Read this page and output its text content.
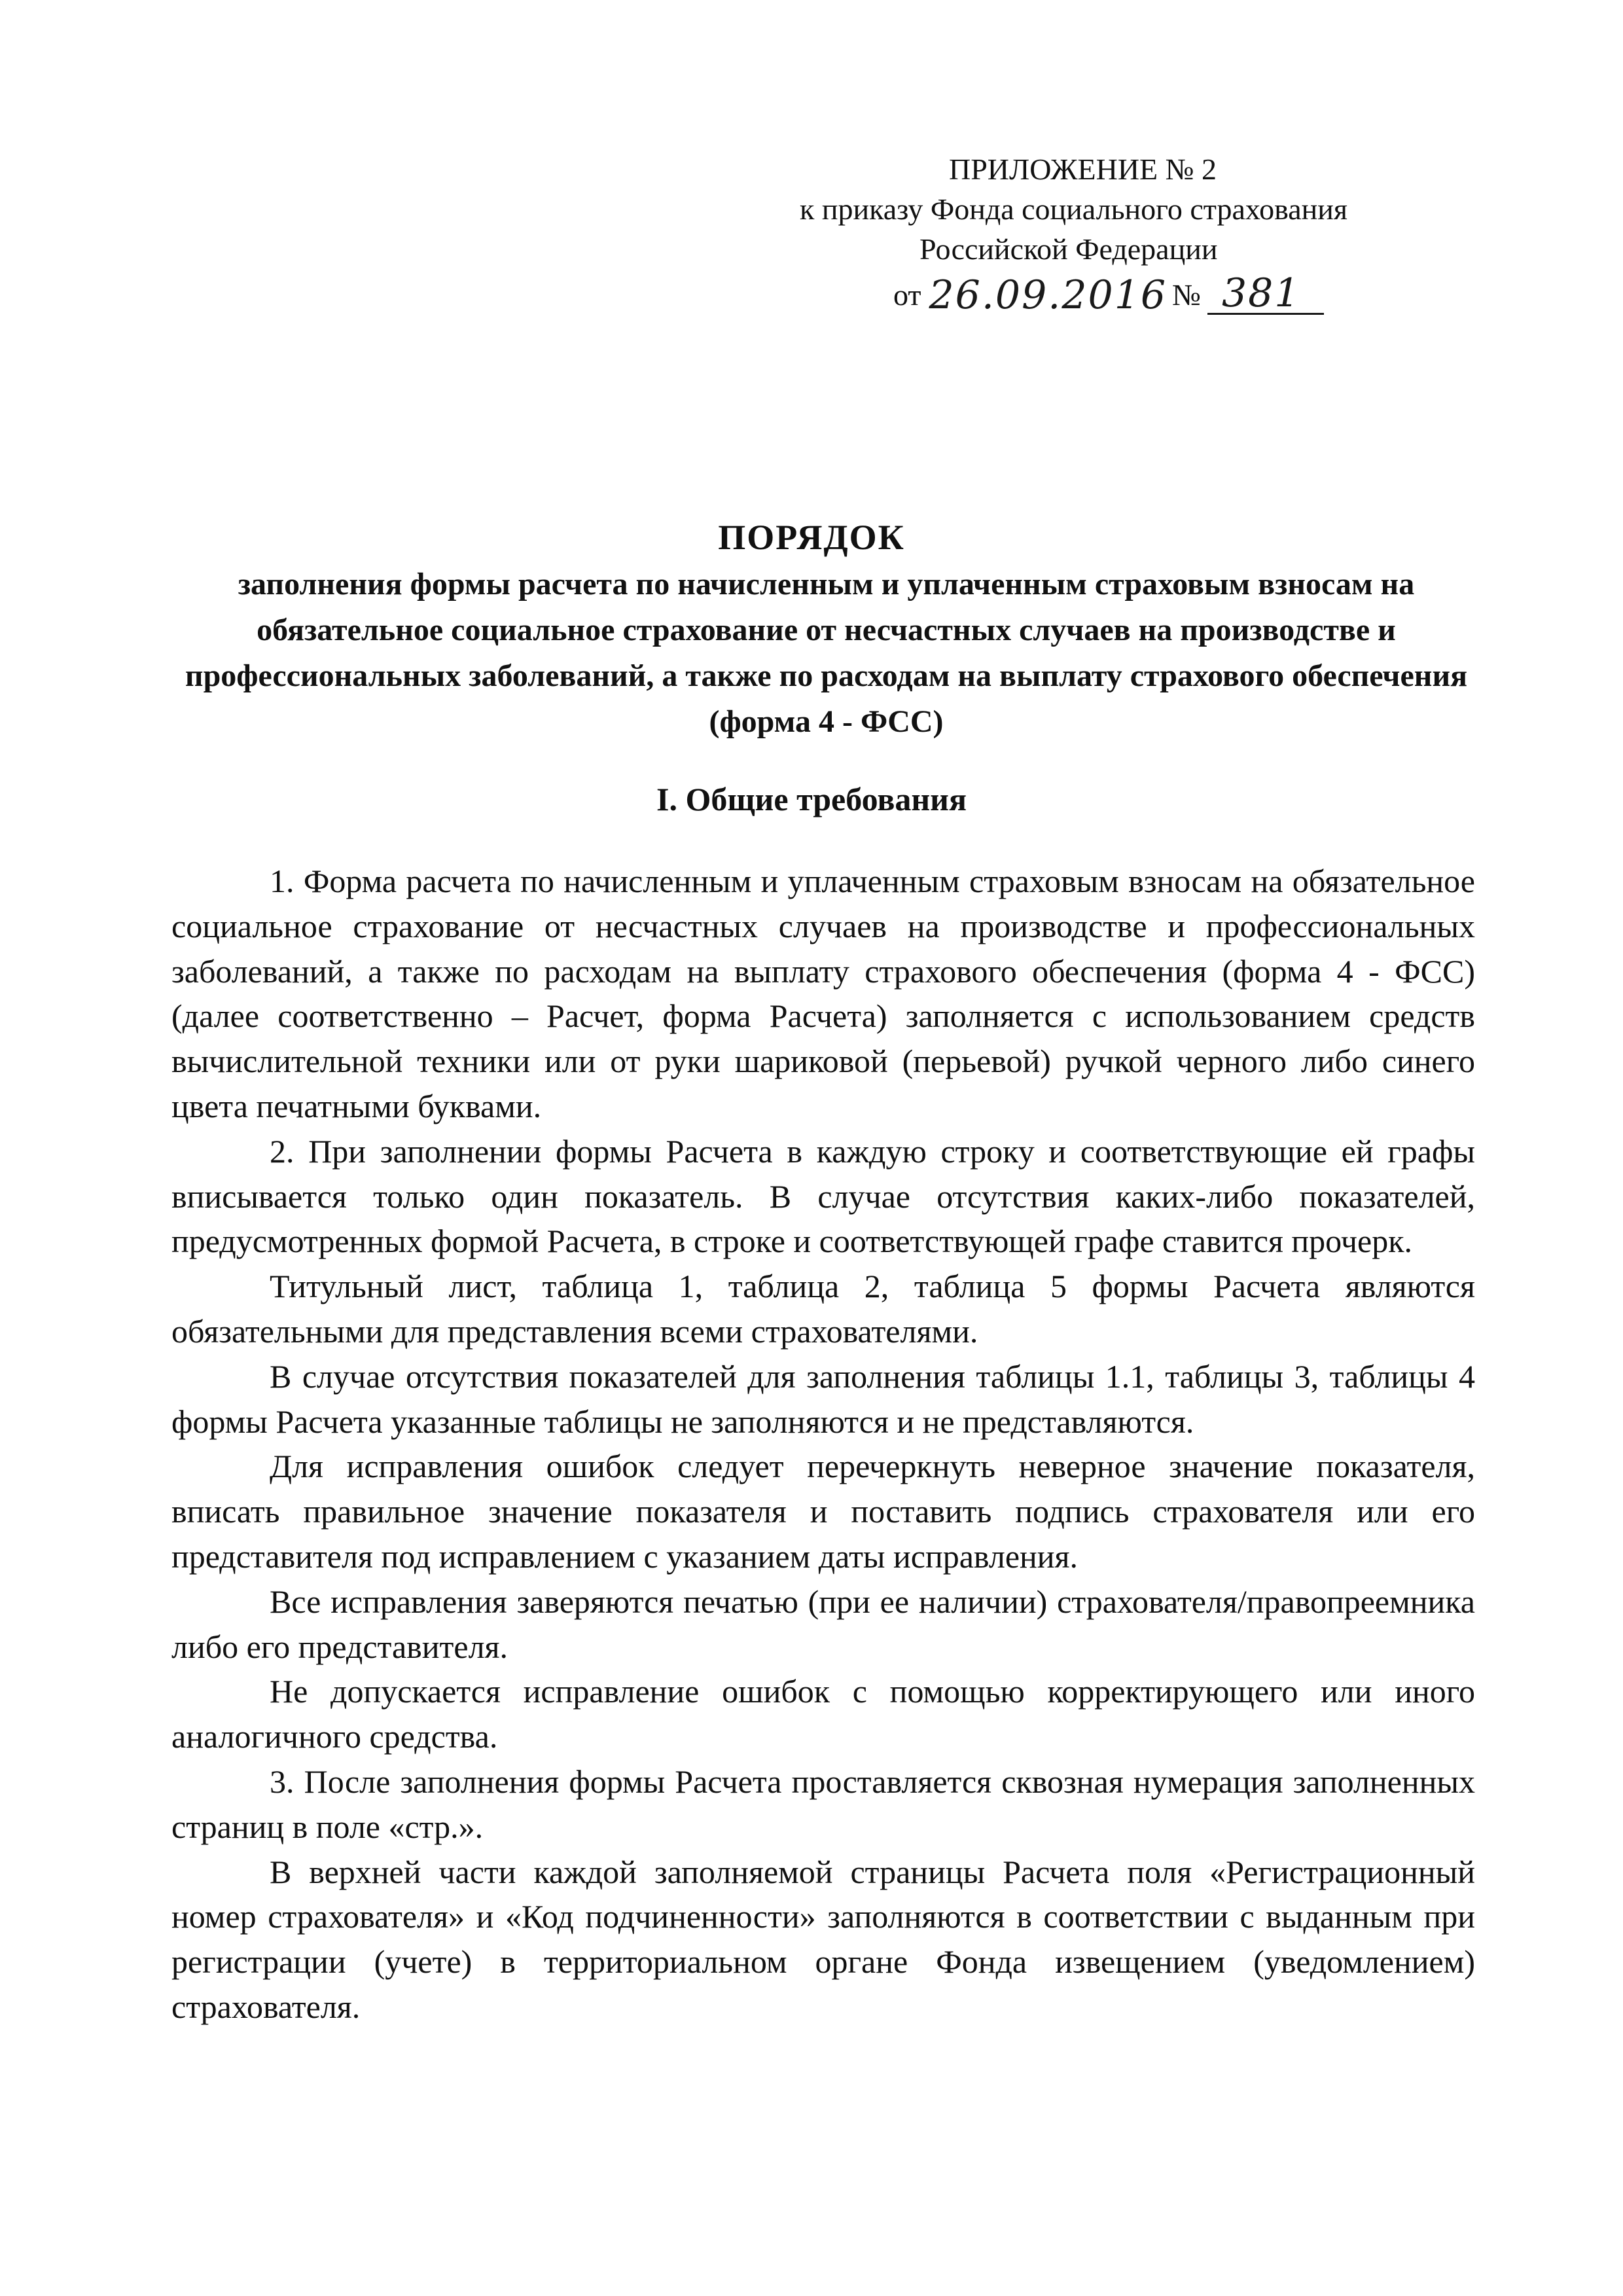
ПРИЛОЖЕНИЕ № 2
к приказу Фонда социального страхования
Российской Федерации
от 26.09.2016 № 381
ПОРЯДОК
заполнения формы расчета по начисленным и уплаченным страховым взносам на обязательное социальное страхование от несчастных случаев на производстве и профессиональных заболеваний, а также по расходам на выплату страхового обеспечения (форма 4 - ФСС)
I. Общие требования

1. Форма расчета по начисленным и уплаченным страховым взносам на обязательное социальное страхование от несчастных случаев на производстве и профессиональных заболеваний, а также по расходам на выплату страхового обеспечения (форма 4 - ФСС) (далее соответственно – Расчет, форма Расчета) заполняется с использованием средств вычислительной техники или от руки шариковой (перьевой) ручкой черного либо синего цвета печатными буквами.

2. При заполнении формы Расчета в каждую строку и соответствующие ей графы вписывается только один показатель. В случае отсутствия каких-либо показателей, предусмотренных формой Расчета, в строке и соответствующей графе ставится прочерк.

Титульный лист, таблица 1, таблица 2, таблица 5 формы Расчета являются обязательными для представления всеми страхователями.

В случае отсутствия показателей для заполнения таблицы 1.1, таблицы 3, таблицы 4 формы Расчета указанные таблицы не заполняются и не представляются.

Для исправления ошибок следует перечеркнуть неверное значение показателя, вписать правильное значение показателя и поставить подпись страхователя или его представителя под исправлением с указанием даты исправления.

Все исправления заверяются печатью (при ее наличии) страхователя/правопреемника либо его представителя.

Не допускается исправление ошибок с помощью корректирующего или иного аналогичного средства.

3. После заполнения формы Расчета проставляется сквозная нумерация заполненных страниц в поле «стр.».

В верхней части каждой заполняемой страницы Расчета поля «Регистрационный номер страхователя» и «Код подчиненности» заполняются в соответствии с выданным при регистрации (учете) в территориальном органе Фонда извещением (уведомлением) страхователя.
